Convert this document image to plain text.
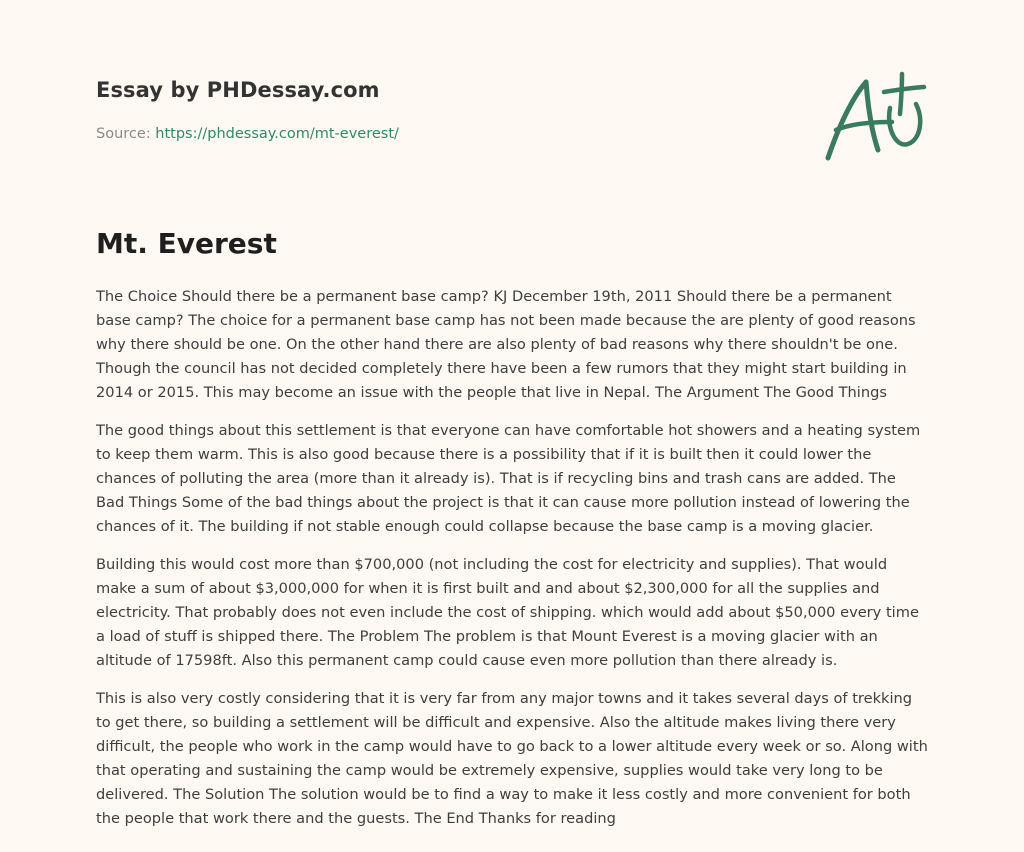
Essay by PHDessay.com
Source: https://phdessay.com/mt-everest/
Mt. Everest

The Choice Should there be a permanent base camp? KJ December 19th, 2011 Should there be a permanent base camp? The choice for a permanent base camp has not been made because the are plenty of good reasons why there should be one. On the other hand there are also plenty of bad reasons why there shouldn't be one. Though the council has not decided completely there have been a few rumors that they might start building in 2014 or 2015. This may become an issue with the people that live in Nepal. The Argument The Good Things

The good things about this settlement is that everyone can have comfortable hot showers and a heating system to keep them warm. This is also good because there is a possibility that if it is built then it could lower the chances of polluting the area (more than it already is). That is if recycling bins and trash cans are added. The Bad Things Some of the bad things about the project is that it can cause more pollution instead of lowering the chances of it. The building if not stable enough could collapse because the base camp is a moving glacier.

Building this would cost more than $700,000 (not including the cost for electricity and supplies). That would make a sum of about $3,000,000 for when it is first built and and about $2,300,000 for all the supplies and electricity. That probably does not even include the cost of shipping. which would add about $50,000 every time a load of stuff is shipped there. The Problem The problem is that Mount Everest is a moving glacier with an altitude of 17598ft. Also this permanent camp could cause even more pollution than there already is.

This is also very costly considering that it is very far from any major towns and it takes several days of trekking to get there, so building a settlement will be difficult and expensive. Also the altitude makes living there very difficult, the people who work in the camp would have to go back to a lower altitude every week or so. Along with that operating and sustaining the camp would be extremely expensive, supplies would take very long to be delivered. The Solution The solution would be to find a way to make it less costly and more convenient for both the people that work there and the guests. The End Thanks for reading
